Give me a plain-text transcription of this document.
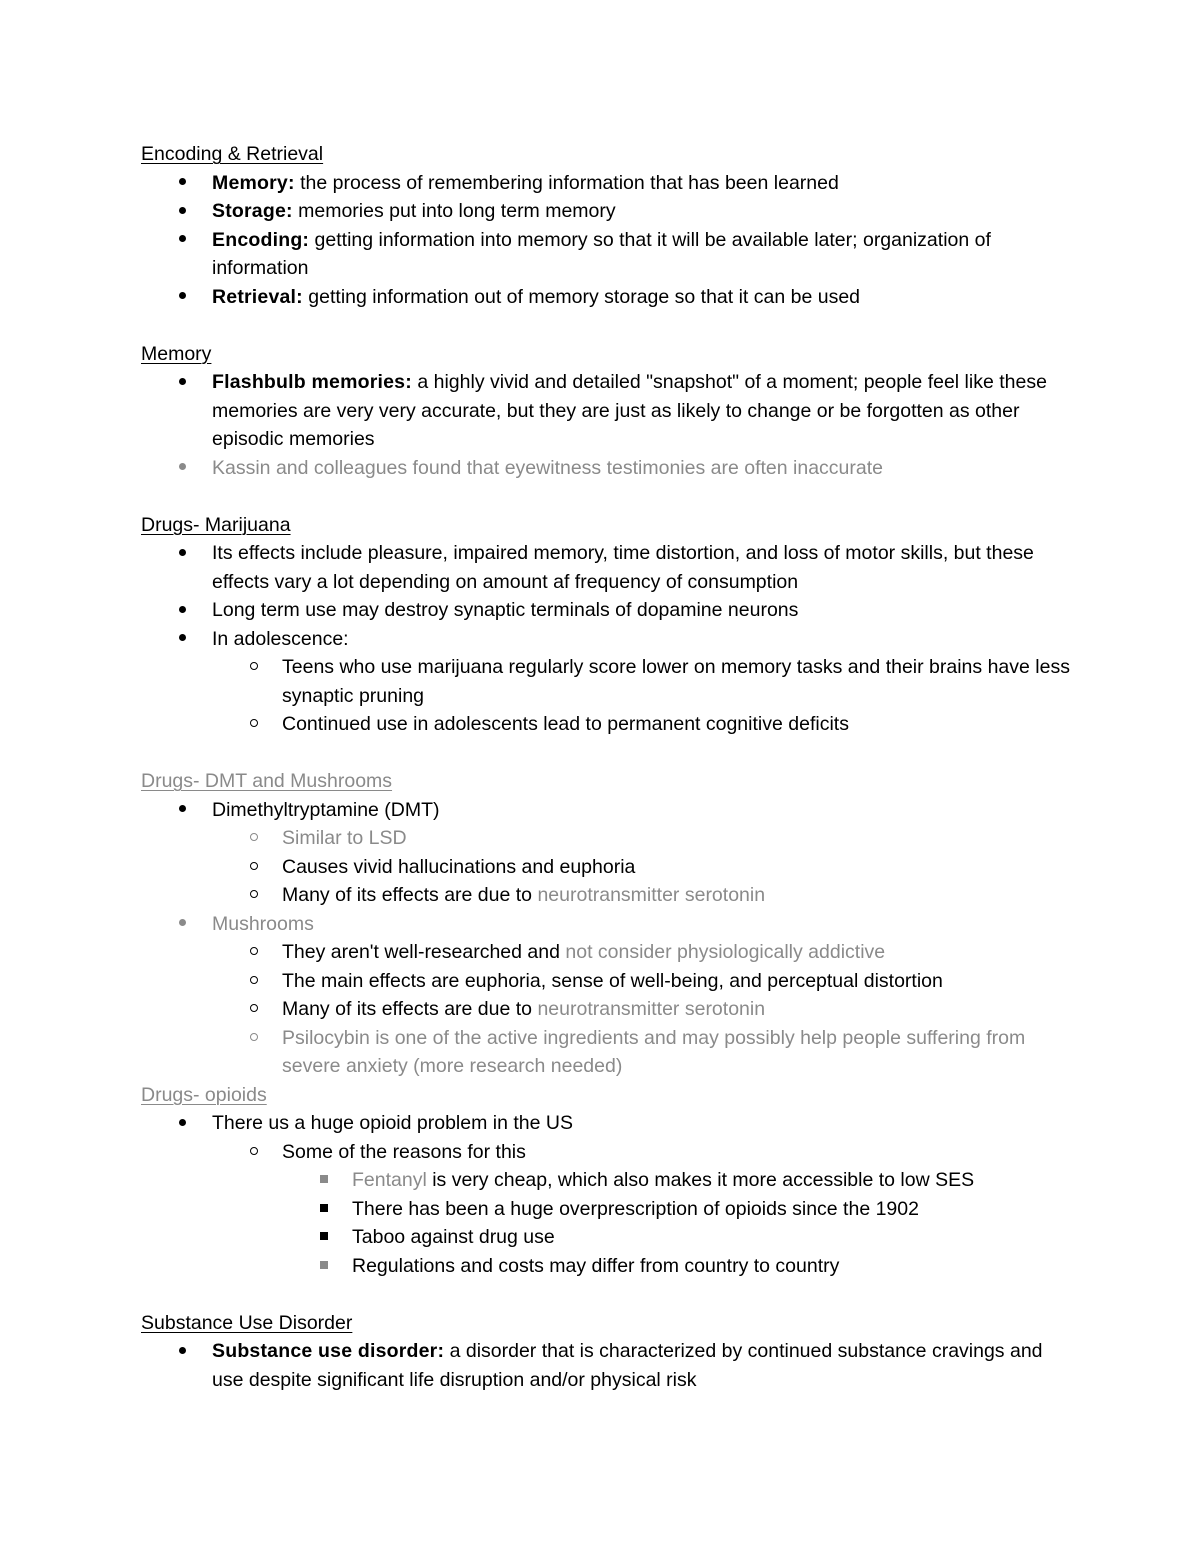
Encoding & Retrieval

Memory: the process of remembering information that has been learned
Storage: memories put into long term memory
Encoding: getting information into memory so that it will be available later; organization of information
Retrieval: getting information out of memory storage so that it can be used

Memory

Flashbulb memories: a highly vivid and detailed "snapshot" of a moment; people feel like these memories are very very accurate, but they are just as likely to change or be forgotten as other episodic memories
Kassin and colleagues found that eyewitness testimonies are often inaccurate

Drugs- Marijuana

Its effects include pleasure, impaired memory, time distortion, and loss of motor skills, but these effects vary a lot depending on amount af frequency of consumption
Long term use may destroy synaptic terminals of dopamine neurons
In adolescence:
Teens who use marijuana regularly score lower on memory tasks and their brains have less synaptic pruning
Continued use in adolescents lead to permanent cognitive deficits

Drugs- DMT and Mushrooms

Dimethyltryptamine (DMT)
Similar to LSD
Causes vivid hallucinations and euphoria
Many of its effects are due to neurotransmitter serotonin
Mushrooms
They aren't well-researched and not consider physiologically addictive
The main effects are euphoria, sense of well-being, and perceptual distortion
Many of its effects are due to neurotransmitter serotonin
Psilocybin is one of the active ingredients and may possibly help people suffering from severe anxiety (more research needed)

Drugs- opioids

There us a huge opioid problem in the US
Some of the reasons for this
Fentanyl is very cheap, which also makes it more accessible to low SES
There has been a huge overprescription of opioids since the 1902
Taboo against drug use
Regulations and costs may differ from country to country

Substance Use Disorder

Substance use disorder: a disorder that is characterized by continued substance cravings and use despite significant life disruption and/or physical risk
